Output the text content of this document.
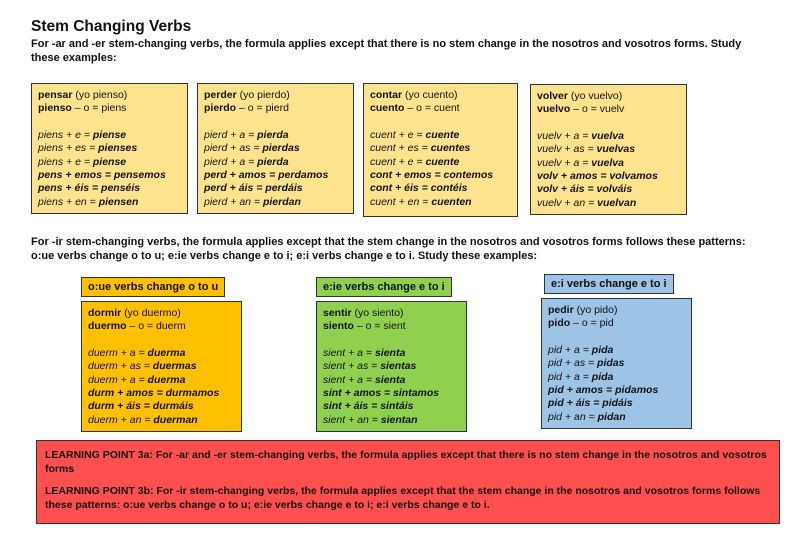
Stem Changing Verbs
For -ar and -er stem-changing verbs, the formula applies except that there is no stem change in the nosotros and vosotros forms. Study these examples:
pensar (yo pienso)
pienso – o = piens
piens + e = piense
piens + es = pienses
piens + e = piense
pens + emos = pensemos
pens + éis = penséis
piens + en = piensen
perder (yo pierdo)
pierdo – o = pierd
pierd + a = pierda
pierd + as = pierdas
pierd + a = pierda
perd + amos = perdamos
perd + áis = perdáis
pierd + an = pierdan
contar (yo cuento)
cuento – o = cuent
cuent + e = cuente
cuent + es = cuentes
cuent + e = cuente
cont + emos = contemos
cont + éis = contéis
cuent + en = cuenten
volver (yo vuelvo)
vuelvo – o = vuelv
vuelv + a = vuelva
vuelv + as = vuelvas
vuelv + a = vuelva
volv + amos = volvamos
volv + áis = volváis
vuelv + an = vuelvan
For -ir stem-changing verbs, the formula applies except that the stem change in the nosotros and vosotros forms follows these patterns: o:ue verbs change o to u; e:ie verbs change e to i; e:i verbs change e to i. Study these examples:
o:ue verbs change o to u	e:ie verbs change e to i	e:i verbs change e to i
dormir (yo duermo)
duermo – o = duerm
duerm + a = duerma
duerm + as = duermas
duerm + a = duerma
durm + amos = durmamos
durm + áis = durmáis
duerm + an = duerman
sentir (yo siento)
siento – o = sient
sient + a = sienta
sient + as = sientas
sient + a = sienta
sint + amos = sintamos
sint + áis = sintáis
sient + an = sientan
pedir (yo pido)
pido – o = pid
pid + a = pida
pid + as = pidas
pid + a = pida
pid + amos = pidamos
pid + áis = pidáis
pid + an = pidan

LEARNING POINT 3a: For -ar and -er stem-changing verbs, the formula applies except that there is no stem change in the nosotros and vosotros forms

LEARNING POINT 3b: For -ir stem-changing verbs, the formula applies except that the stem change in the nosotros and vosotros forms follows these patterns: o:ue verbs change o to u; e:ie verbs change e to i; e:i verbs change e to i.
